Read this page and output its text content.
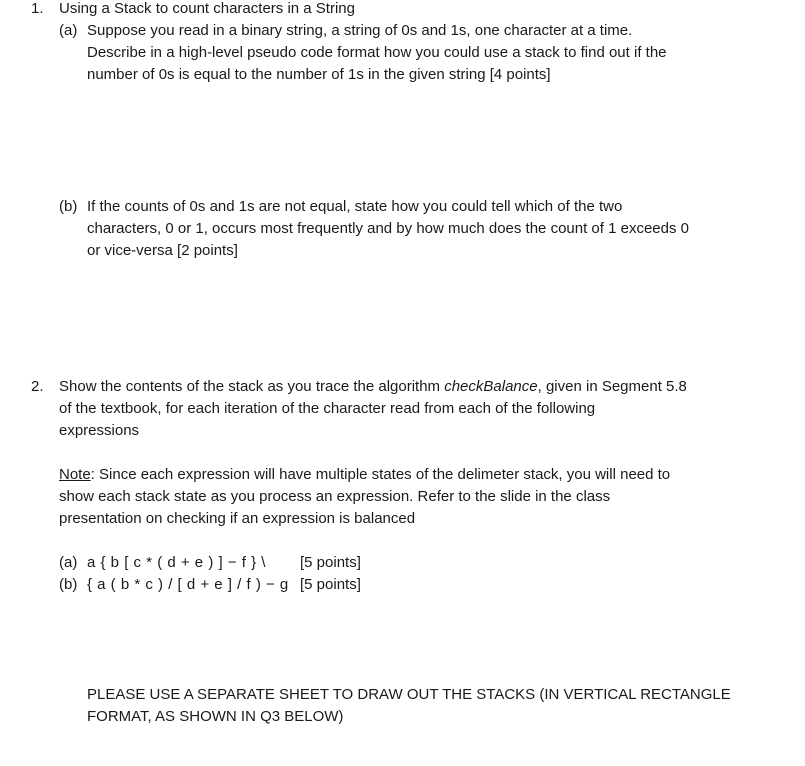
1. Using a Stack to count characters in a String
(a) Suppose you read in a binary string, a string of 0s and 1s, one character at a time.
Describe in a high-level pseudo code format how you could use a stack to find out if the
number of 0s is equal to the number of 1s in the given string [4 points]
(b) If the counts of 0s and 1s are not equal, state how you could tell which of the two
characters, 0 or 1, occurs most frequently and by how much does the count of 1 exceeds 0
or vice-versa [2 points]
2. Show the contents of the stack as you trace the algorithm checkBalance, given in Segment 5.8
of the textbook, for each iteration of the character read from each of the following
expressions
Note: Since each expression will have multiple states of the delimeter stack, you will need to
show each stack state as you process an expression. Refer to the slide in the class
presentation on checking if an expression is balanced
(a) a { b [ c * ( d + e ) ] − f } \ [5 points]
(b) { a ( b * c ) / [ d + e ] / f ) − g [5 points]
PLEASE USE A SEPARATE SHEET TO DRAW OUT THE STACKS (IN VERTICAL RECTANGLE
FORMAT, AS SHOWN IN Q3 BELOW)
